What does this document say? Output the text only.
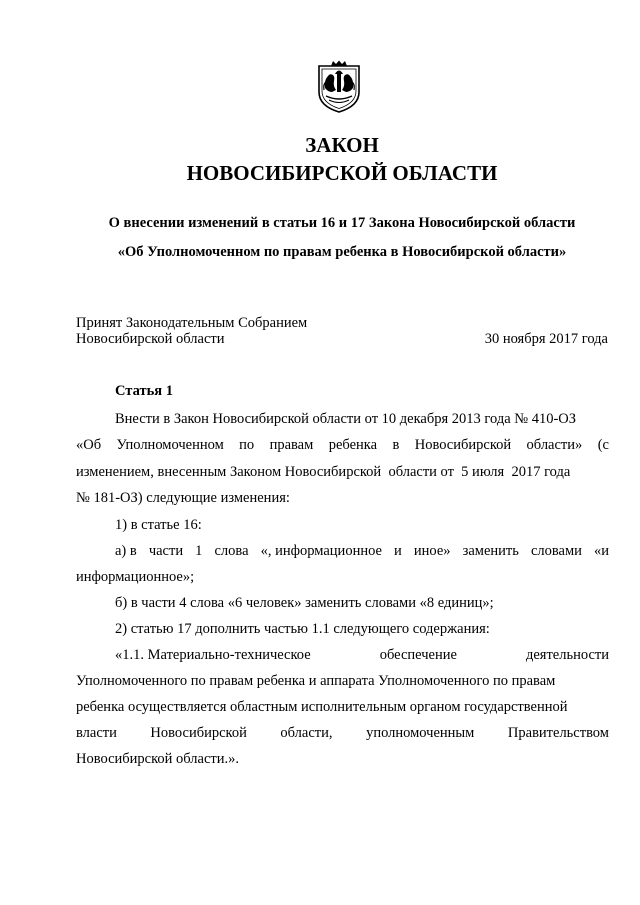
ЗАКОН
НОВОСИБИРСКОЙ ОБЛАСТИ
О внесении изменений в статьи 16 и 17 Закона Новосибирской области
«Об Уполномоченном по правам ребенка в Новосибирской области»
Принят Законодательным Собранием
Новосибирской области	30 ноября 2017 года
Статья 1
Внести в Закон Новосибирской области от 10 декабря 2013 года № 410-ОЗ
«Об Уполномоченном по правам ребенка в Новосибирской области» (с
изменением, внесенным Законом Новосибирской  области от  5 июля  2017 года
№ 181-ОЗ) следующие изменения:
1) в статье 16:
а) в части 1 слова «, информационное и иное» заменить словами «и
информационное»;
б) в части 4 слова «6 человек» заменить словами «8 единиц»;
2) статью 17 дополнить частью 1.1 следующего содержания:
«1.1. Материально-техническое	обеспечение	деятельности
Уполномоченного по правам ребенка и аппарата Уполномоченного по правам
ребенка осуществляется областным исполнительным органом государственной
власти Новосибирской области, уполномоченным Правительством
Новосибирской области.».
